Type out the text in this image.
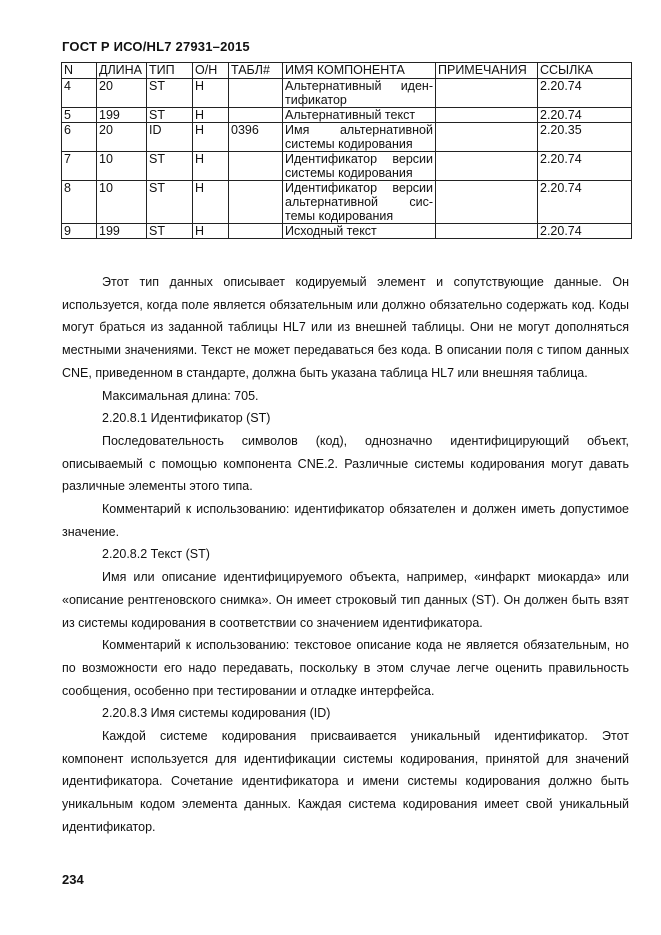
ГОСТ Р ИСО/HL7 27931–2015
N	ДЛИНА	ТИП	О/Н	ТАБЛ#	ИМЯ КОМПОНЕНТА	ПРИМЕЧАНИЯ	ССЫЛКА
4	20	ST	Н		Альтернативный иден-тификатор		2.20.74
5	199	ST	Н		Альтернативный текст		2.20.74
6	20	ID	Н	0396	Имя альтернативной системы кодирования		2.20.35
7	10	ST	Н		Идентификатор версии системы кодирования		2.20.74
8	10	ST	Н		Идентификатор версии альтернативной сис-темы кодирования		2.20.74
9	199	ST	Н		Исходный текст		2.20.74

Этот тип данных описывает кодируемый элемент и сопутствующие данные. Он используется, когда поле является обязательным или должно обязательно содержать код. Коды могут браться из заданной таблицы HL7 или из внешней таблицы. Они не могут дополняться местными значениями. Текст не может передаваться без кода. В описании поля с типом данных CNE, приведенном в стандарте, должна быть указана таблица HL7 или внешняя таблица.

Максимальная длина: 705.

2.20.8.1 Идентификатор (ST)

Последовательность символов (код), однозначно идентифицирующий объект, описываемый с помощью компонента CNE.2. Различные системы кодирования могут давать различные элементы этого типа.

Комментарий к использованию: идентификатор обязателен и должен иметь допустимое значение.

2.20.8.2 Текст (ST)

Имя или описание идентифицируемого объекта, например, «инфаркт миокарда» или «описание рентгеновского снимка». Он имеет строковый тип данных (ST). Он должен быть взят из системы кодирования в соответствии со значением идентификатора.

Комментарий к использованию: текстовое описание кода не является обязательным, но по возможности его надо передавать, поскольку в этом случае легче оценить правильность сообщения, особенно при тестировании и отладке интерфейса.

2.20.8.3 Имя системы кодирования (ID)

Каждой системе кодирования присваивается уникальный идентификатор. Этот компонент используется для идентификации системы кодирования, принятой для значений идентификатора. Сочетание идентификатора и имени системы кодирования должно быть уникальным кодом элемента данных. Каждая система кодирования имеет свой уникальный идентификатор.

234
